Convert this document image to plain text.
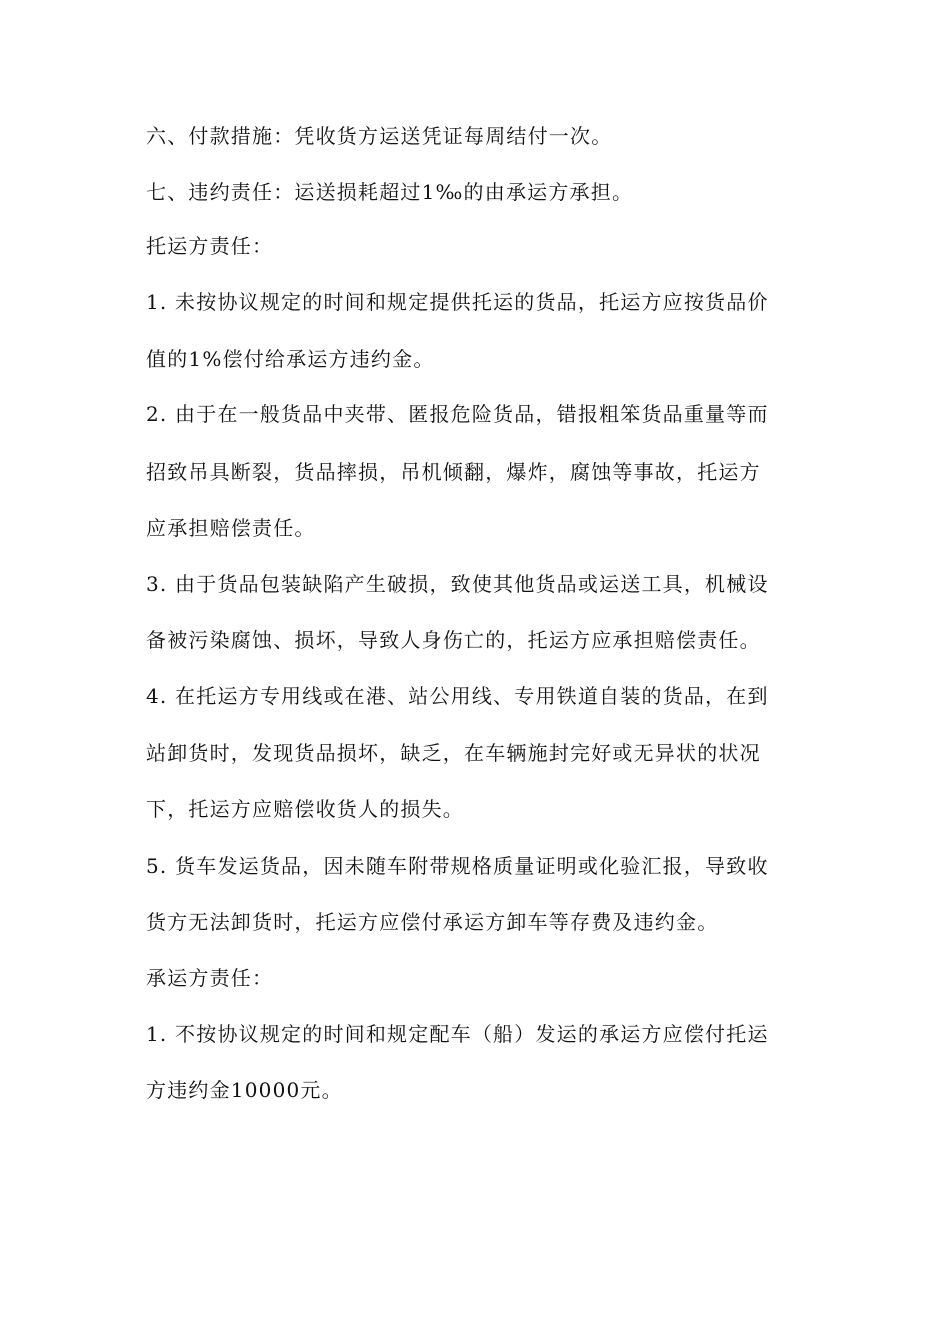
六、付款措施：凭收货方运送凭证每周结付一次。
七、违约责任：运送损耗超过1‰的由承运方承担。
托运方责任：
1. 未按协议规定的时间和规定提供托运的货品，托运方应按货品价
值的1%偿付给承运方违约金。
2. 由于在一般货品中夹带、匿报危险货品，错报粗笨货品重量等而
招致吊具断裂，货品摔损，吊机倾翻，爆炸，腐蚀等事故，托运方
应承担赔偿责任。
3. 由于货品包装缺陷产生破损，致使其他货品或运送工具，机械设
备被污染腐蚀、损坏，导致人身伤亡的，托运方应承担赔偿责任。
4. 在托运方专用线或在港、站公用线、专用铁道自装的货品，在到
站卸货时，发现货品损坏，缺乏，在车辆施封完好或无异状的状况
下，托运方应赔偿收货人的损失。
5. 货车发运货品，因未随车附带规格质量证明或化验汇报，导致收
货方无法卸货时，托运方应偿付承运方卸车等存费及违约金。
承运方责任：
1. 不按协议规定的时间和规定配车（船）发运的承运方应偿付托运
方违约金10000元。
